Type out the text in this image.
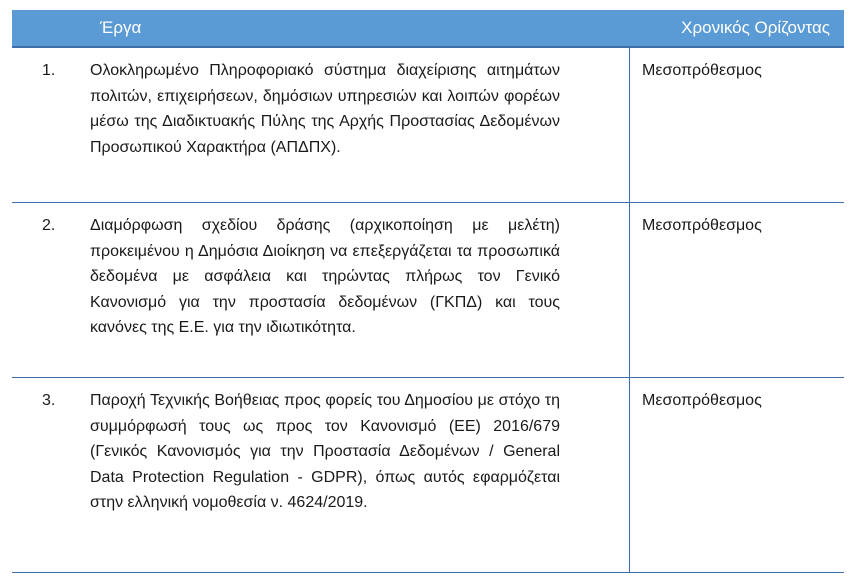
Έργα	Χρονικός Ορίζοντας
1. Ολοκληρωμένο Πληροφοριακό σύστημα διαχείρισης αιτημάτων πολιτών, επιχειρήσεων, δημόσιων υπηρεσιών και λοιπών φορέων μέσω της Διαδικτυακής Πύλης της Αρχής Προστασίας Δεδομένων Προσωπικού Χαρακτήρα (ΑΠΔΠΧ).
Μεσοπρόθεσμος
2. Διαμόρφωση σχεδίου δράσης (αρχικοποίηση με μελέτη) προκειμένου η Δημόσια Διοίκηση να επεξεργάζεται τα προσωπικά δεδομένα με ασφάλεια και τηρώντας πλήρως τον Γενικό Κανονισμό για την προστασία δεδομένων (ΓΚΠΔ) και τους κανόνες της Ε.Ε. για την ιδιωτικότητα.
Μεσοπρόθεσμος
3. Παροχή Τεχνικής Βοήθειας προς φορείς του Δημοσίου με στόχο τη συμμόρφωσή τους ως προς τον Κανονισμό (ΕΕ) 2016/679 (Γενικός Κανονισμός για την Προστασία Δεδομένων / General Data Protection Regulation - GDPR), όπως αυτός εφαρμόζεται στην ελληνική νομοθεσία ν. 4624/2019.
Μεσοπρόθεσμος
